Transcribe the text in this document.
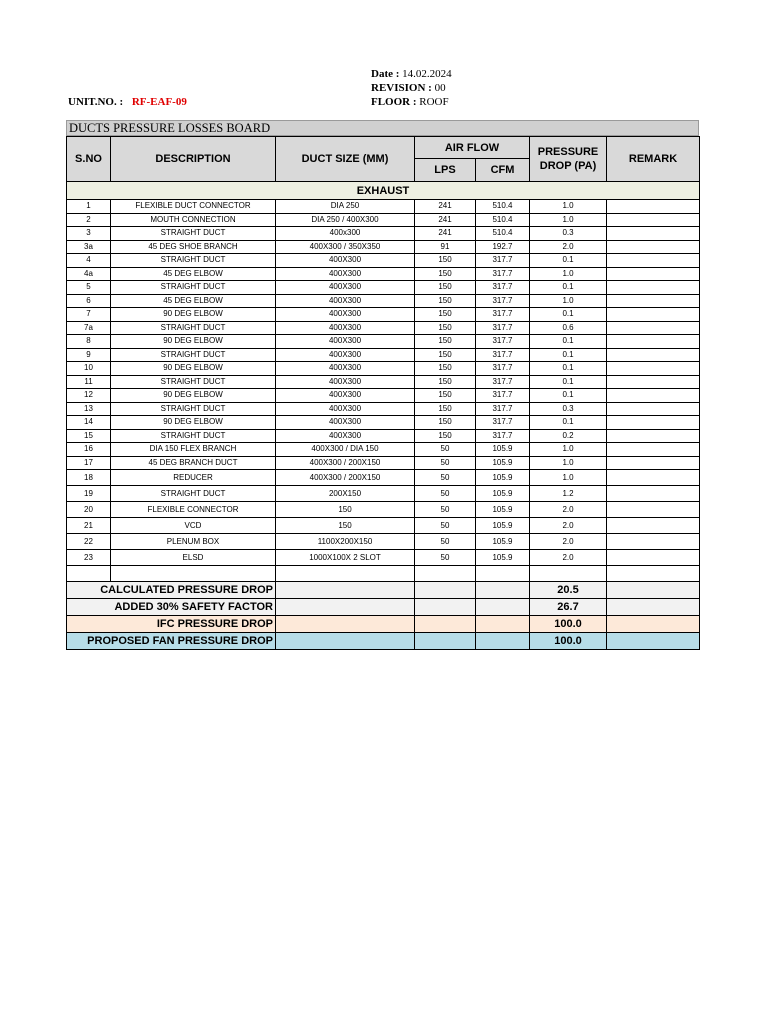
Date : 14.02.2024
REVISION : 00
FLOOR : ROOF
UNIT.NO. : RF-EAF-09
DUCTS PRESSURE LOSSES BOARD
S.NO	DESCRIPTION	DUCT SIZE (MM)	AIR FLOW		PRESSURE DROP (PA)	REMARK
			LPS	CFM		
EXHAUST						
1	FLEXIBLE DUCT CONNECTOR	DIA 250	241	510.4	1.0	
2	MOUTH CONNECTION	DIA 250 / 400X300	241	510.4	1.0	
3	STRAIGHT DUCT	400x300	241	510.4	0.3	
3a	45 DEG SHOE BRANCH	400X300 / 350X350	91	192.7	2.0	
4	STRAIGHT DUCT	400X300	150	317.7	0.1	
4a	45 DEG ELBOW	400X300	150	317.7	1.0	
5	STRAIGHT DUCT	400X300	150	317.7	0.1	
6	45 DEG ELBOW	400X300	150	317.7	1.0	
7	90 DEG ELBOW	400X300	150	317.7	0.1	
7a	STRAIGHT DUCT	400X300	150	317.7	0.6	
8	90 DEG ELBOW	400X300	150	317.7	0.1	
9	STRAIGHT DUCT	400X300	150	317.7	0.1	
10	90 DEG ELBOW	400X300	150	317.7	0.1	
11	STRAIGHT DUCT	400X300	150	317.7	0.1	
12	90 DEG ELBOW	400X300	150	317.7	0.1	
13	STRAIGHT DUCT	400X300	150	317.7	0.3	
14	90 DEG ELBOW	400X300	150	317.7	0.1	
15	STRAIGHT DUCT	400X300	150	317.7	0.2	
16	DIA 150 FLEX BRANCH	400X300 / DIA 150	50	105.9	1.0	
17	45 DEG BRANCH DUCT	400X300 / 200X150	50	105.9	1.0	
18	REDUCER	400X300 / 200X150	50	105.9	1.0	
19	STRAIGHT DUCT	200X150	50	105.9	1.2	
20	FLEXIBLE CONNECTOR	150	50	105.9	2.0	
21	VCD	150	50	105.9	2.0	
22	PLENUM BOX	1100X200X150	50	105.9	2.0	
23	ELSD	1000X100X 2 SLOT	50	105.9	2.0	

CALCULATED PRESSURE DROP					20.5	
ADDED 30% SAFETY FACTOR					26.7	
IFC PRESSURE DROP					100.0	
PROPOSED FAN PRESSURE DROP					100.0	
